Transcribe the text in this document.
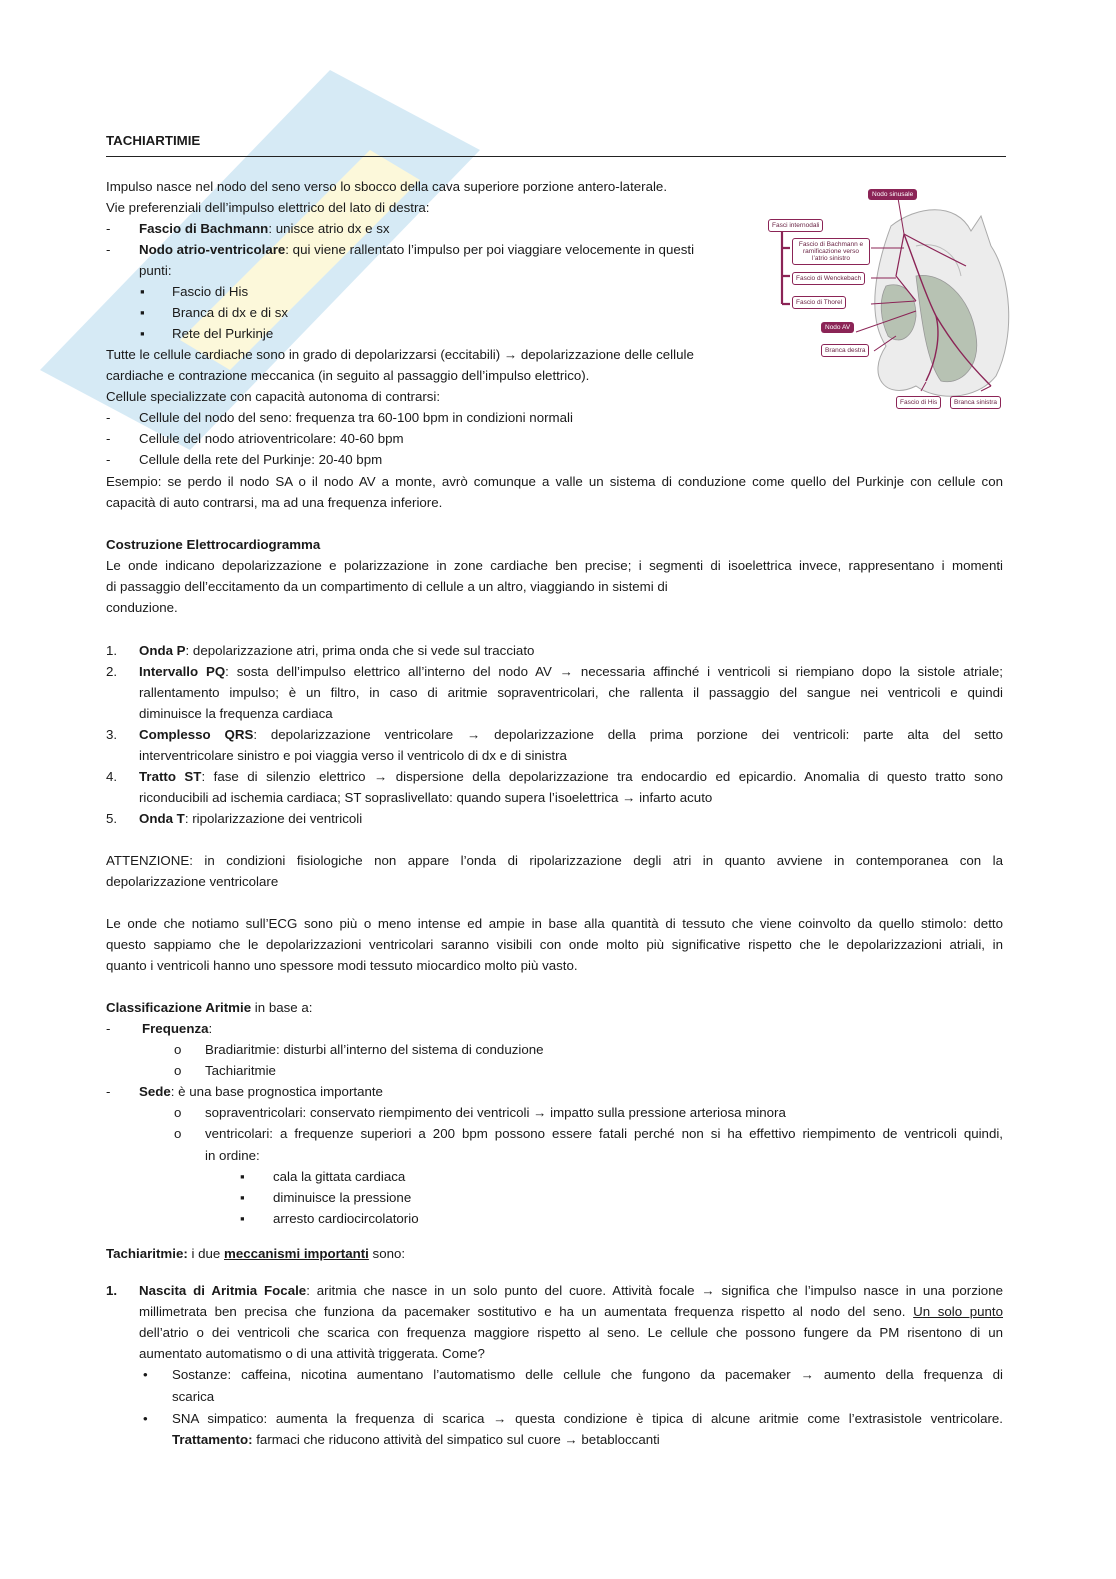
TACHIARTIMIE
Impulso nasce nel nodo del seno verso lo sbocco della cava superiore porzione antero-laterale.
Vie preferenziali dell’impulso elettrico del lato di destra:
- Fascio di Bachmann: unisce atrio dx e sx
- Nodo atrio-ventricolare: qui viene rallentato l’impulso per poi viaggiare velocemente in questi
punti:
▪ Fascio di His
▪ Branca di dx e di sx
▪ Rete del Purkinje
Tutte le cellule cardiache sono in grado di depolarizzarsi (eccitabili) → depolarizzazione delle cellule
cardiache e contrazione meccanica (in seguito al passaggio dell’impulso elettrico).
Cellule specializzate con capacità autonoma di contrarsi:
- Cellule del nodo del seno: frequenza tra 60-100 bpm in condizioni normali
- Cellule del nodo atrioventricolare: 40-60 bpm
- Cellule della rete del Purkinje: 20-40 bpm
Esempio: se perdo il nodo SA o il nodo AV a monte, avrò comunque a valle un sistema di conduzione come quello del Purkinje con cellule con
capacità di auto contrarsi, ma ad una frequenza inferiore.
Costruzione Elettrocardiogramma
Le onde indicano depolarizzazione e polarizzazione in zone cardiache ben precise; i segmenti di isoelettrica invece, rappresentano i momenti
di passaggio dell’eccitamento da un compartimento di cellule a un altro, viaggiando in sistemi di
conduzione.
1. Onda P: depolarizzazione atri, prima onda che si vede sul tracciato
2. Intervallo PQ: sosta dell’impulso elettrico all’interno del nodo AV → necessaria affinché i ventricoli si riempiano dopo la sistole atriale;
rallentamento impulso; è un filtro, in caso di aritmie sopraventricolari, che rallenta il passaggio del sangue nei ventricoli e quindi
diminuisce la frequenza cardiaca
3. Complesso QRS: depolarizzazione ventricolare → depolarizzazione della prima porzione dei ventricoli: parte alta del setto
interventricolare sinistro e poi viaggia verso il ventricolo di dx e di sinistra
4. Tratto ST: fase di silenzio elettrico → dispersione della depolarizzazione tra endocardio ed epicardio. Anomalia di questo tratto sono
riconducibili ad ischemia cardiaca; ST sopraslivellato: quando supera l’isoelettrica → infarto acuto
5. Onda T: ripolarizzazione dei ventricoli
ATTENZIONE: in condizioni fisiologiche non appare l’onda di ripolarizzazione degli atri in quanto avviene in contemporanea con la
depolarizzazione ventricolare
Le onde che notiamo sull’ECG sono più o meno intense ed ampie in base alla quantità di tessuto che viene coinvolto da quello stimolo: detto
questo sappiamo che le depolarizzazioni ventricolari saranno visibili con onde molto più significative rispetto che le depolarizzazioni atriali, in
quanto i ventricoli hanno uno spessore modi tessuto miocardico molto più vasto.
Classificazione Aritmie in base a:
- Frequenza:
o Bradiaritmie: disturbi all’interno del sistema di conduzione
o Tachiaritmie
- Sede: è una base prognostica importante
o sopraventricolari: conservato riempimento dei ventricoli → impatto sulla pressione arteriosa minora
o ventricolari: a frequenze superiori a 200 bpm possono essere fatali perché non si ha effettivo riempimento de ventricoli quindi,
in ordine:
▪ cala la gittata cardiaca
▪ diminuisce la pressione
▪ arresto cardiocircolatorio
Tachiaritmie: i due meccanismi importanti sono:
1. Nascita di Aritmia Focale: aritmia che nasce in un solo punto del cuore. Attività focale → significa che l’impulso nasce in una porzione
millimetrata ben precisa che funziona da pacemaker sostitutivo e ha un aumentata frequenza rispetto al nodo del seno. Un solo punto
dell’atrio o dei ventricoli che scarica con frequenza maggiore rispetto al seno. Le cellule che possono fungere da PM risentono di un
aumentato automatismo o di una attività triggerata. Come?
• Sostanze: caffeina, nicotina aumentano l’automatismo delle cellule che fungono da pacemaker → aumento della frequenza di
scarica
• SNA simpatico: aumenta la frequenza di scarica → questa condizione è tipica di alcune aritmie come l’extrasistole ventricolare.
Trattamento: farmaci che riducono attività del simpatico sul cuore → betabloccanti
Nodo sinusale
Fasci internodali
Fascio di Bachmann e ramificazione verso l’atrio sinistro
Fascio di Wenckebach
Fascio di Thorel
Nodo AV
Branca destra
Fascio di His	Branca sinistra
